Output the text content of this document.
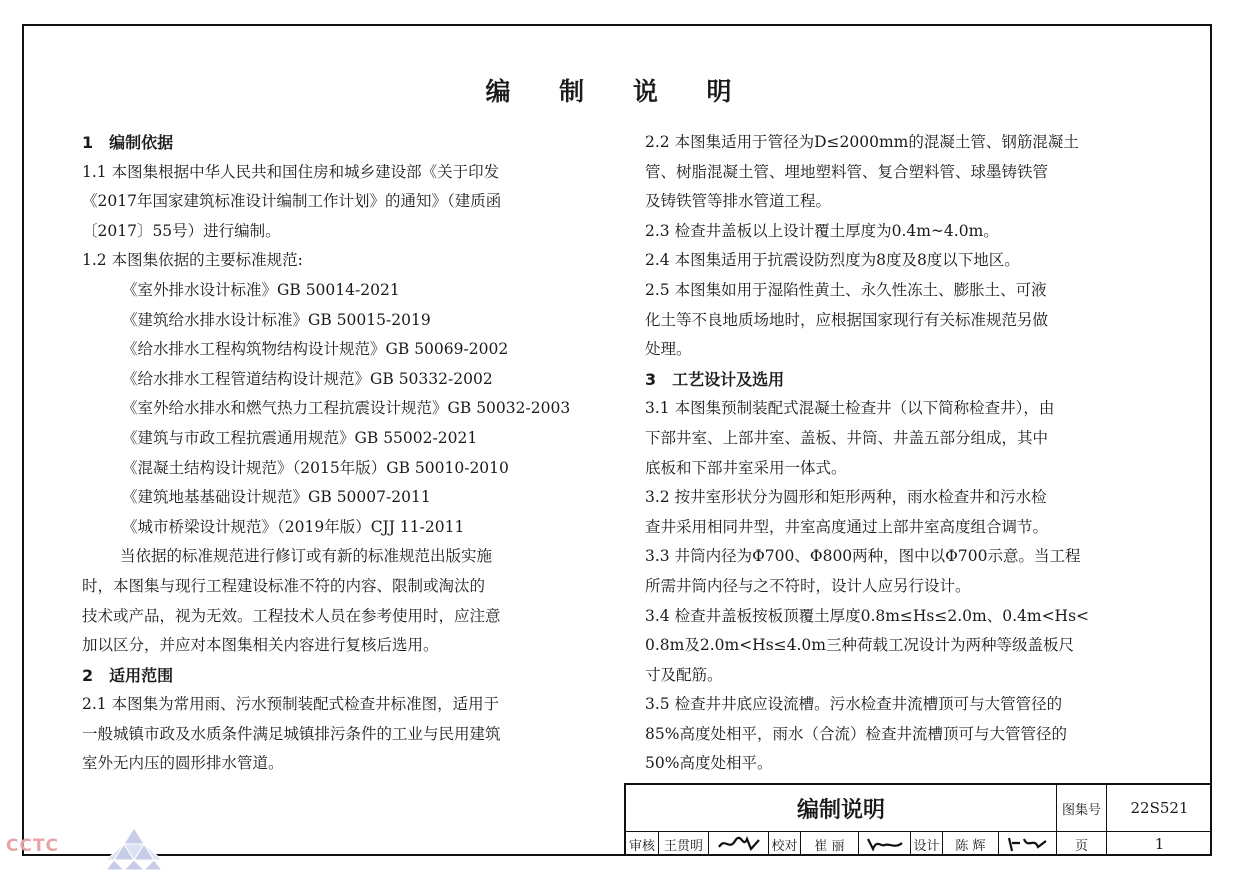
编 制 说 明
1　编制依据
1.1 本图集根据中华人民共和国住房和城乡建设部《关于印发
《2017年国家建筑标准设计编制工作计划》的通知》（建质函
〔2017〕55号）进行编制。
1.2 本图集依据的主要标准规范:
《室外排水设计标准》GB 50014-2021
《建筑给水排水设计标准》GB 50015-2019
《给水排水工程构筑物结构设计规范》GB 50069-2002
《给水排水工程管道结构设计规范》GB 50332-2002
《室外给水排水和燃气热力工程抗震设计规范》GB 50032-2003
《建筑与市政工程抗震通用规范》GB 55002-2021
《混凝土结构设计规范》（2015年版）GB 50010-2010
《建筑地基基础设计规范》GB 50007-2011
《城市桥梁设计规范》（2019年版）CJJ 11-2011
当依据的标准规范进行修订或有新的标准规范出版实施
时，本图集与现行工程建设标准不符的内容、限制或淘汰的
技术或产品，视为无效。工程技术人员在参考使用时，应注意
加以区分，并应对本图集相关内容进行复核后选用。
2　适用范围
2.1 本图集为常用雨、污水预制装配式检查井标准图，适用于
一般城镇市政及水质条件满足城镇排污条件的工业与民用建筑
室外无内压的圆形排水管道。
2.2 本图集适用于管径为D≤2000mm的混凝土管、钢筋混凝土
管、树脂混凝土管、埋地塑料管、复合塑料管、球墨铸铁管
及铸铁管等排水管道工程。
2.3 检查井盖板以上设计覆土厚度为0.4m~4.0m。
2.4 本图集适用于抗震设防烈度为8度及8度以下地区。
2.5 本图集如用于湿陷性黄土、永久性冻土、膨胀土、可液
化土等不良地质场地时，应根据国家现行有关标准规范另做
处理。
3　工艺设计及选用
3.1 本图集预制装配式混凝土检查井（以下简称检查井），由
下部井室、上部井室、盖板、井筒、井盖五部分组成，其中
底板和下部井室采用一体式。
3.2 按井室形状分为圆形和矩形两种，雨水检查井和污水检
查井采用相同井型，井室高度通过上部井室高度组合调节。
3.3 井筒内径为Φ700、Φ800两种，图中以Φ700示意。当工程
所需井筒内径与之不符时，设计人应另行设计。
3.4 检查井盖板按板顶覆土厚度0.8m≤Hs≤2.0m、0.4m<Hs<
0.8m及2.0m<Hs≤4.0m三种荷载工况设计为两种等级盖板尺
寸及配筋。
3.5 检查井井底应设流槽。污水检查井流槽顶可与大管管径的
85%高度处相平，雨水（合流）检查井流槽顶可与大管管径的
50%高度处相平。
编制说明	图集号	22S521
审核 王贯明	校对	崔 丽	设计	陈 辉	页	1
CCTC
